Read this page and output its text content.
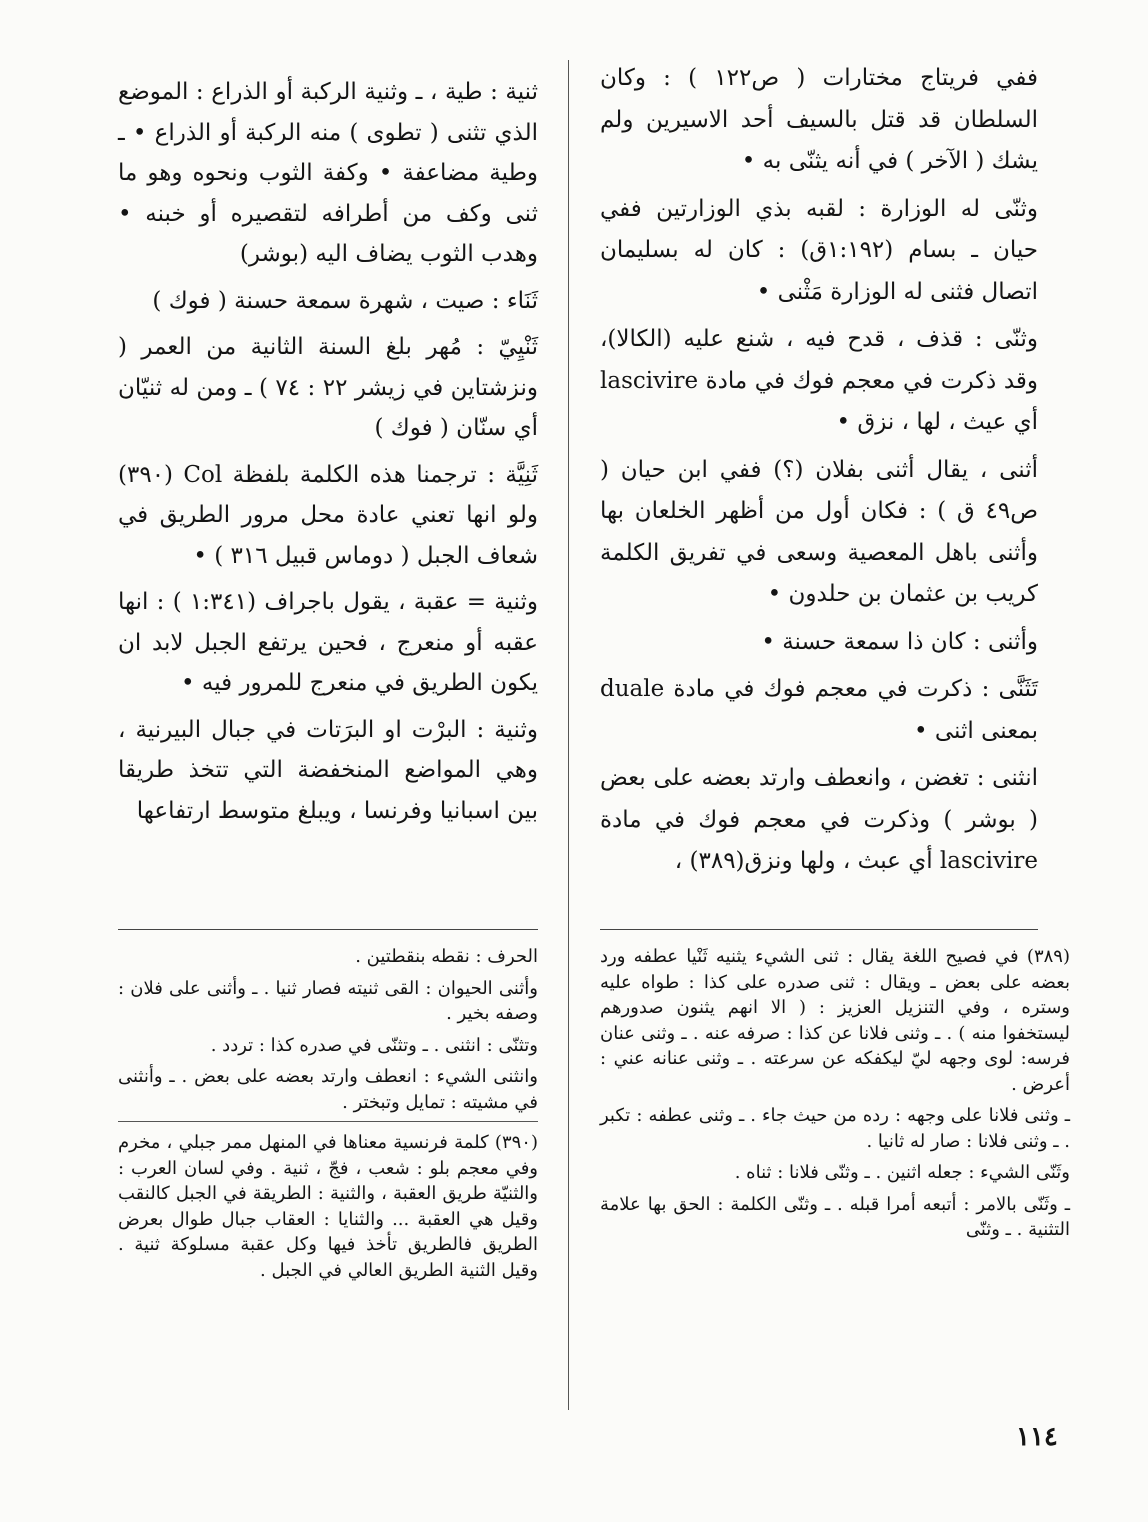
ففي فريتاج مختارات ( ص١٢٢ ) : وكان السلطان قد قتل بالسيف أحد الاسيرين ولم يشك ( الآخر ) في أنه يثنّى به •

وثنّى له الوزارة : لقبه بذي الوزارتين ففي حيان ـ بسام (١:١٩٢ق) : كان له بسليمان اتصال فثنى له الوزارة مَثْنى •

وثنّى : قذف ، قدح فيه ، شنع عليه (الكالا)، وقد ذكرت في معجم فوك في مادة lascivire أي عيث ، لها ، نزق •

أثنى ، يقال أثنى بفلان (؟) ففي ابن حيان ( ص٤٩ ق ) : فكان أول من أظهر الخلعان بها وأثنى باهل المعصية وسعى في تفريق الكلمة كريب بن عثمان بن حلدون •

وأثنى : كان ذا سمعة حسنة •

تَثَنَّى : ذكرت في معجم فوك في مادة duale بمعنى اثنى •

انثنى : تغضن ، وانعطف وارتد بعضه على بعض ( بوشر ) وذكرت في معجم فوك في مادة lascivire أي عبث ، ولها ونزق(٣٨٩) ،

ثنية : طية ، ـ وثنية الركبة أو الذراع : الموضع الذي تثنى ( تطوى ) منه الركبة أو الذراع • ـ وطية مضاعفة • وكفة الثوب ونحوه وهو ما ثنى وكف من أطرافه لتقصيره أو خبنه • وهدب الثوب يضاف اليه (بوشر)

ثَنَاء : صيت ، شهرة سمعة حسنة ( فوك )

ثَنْيِيّ : مُهر بلغ السنة الثانية من العمر ( ونزشتاين في زيشر ٢٢ : ٧٤ ) ـ ومن له ثنيّان أي سنّان ( فوك )

ثَنِيَّة : ترجمنا هذه الكلمة بلفظة Col (٣٩٠) ولو انها تعني عادة محل مرور الطريق في شعاف الجبل ( دوماس قبيل ٣١٦ ) •

وثنية = عقبة ، يقول باجراف (١:٣٤١ ) : انها عقبه أو منعرج ، فحين يرتفع الجبل لابد ان يكون الطريق في منعرج للمرور فيه •

وثنية : البرْت او البرَتات في جبال البيرنية ، وهي المواضع المنخفضة التي تتخذ طريقا بين اسبانيا وفرنسا ، ويبلغ متوسط ارتفاعها

(٣٨٩) في فصيح اللغة يقال : ثنى الشيء يثنيه ثَنْيا عطفه ورد بعضه على بعض ـ ويقال : ثنى صدره على كذا : طواه عليه وستره ، وفي التنزيل العزيز : ( الا انهم يثنون صدورهم ليستخفوا منه ) . ـ وثنى فلانا عن كذا : صرفه عنه . ـ وثنى عنان فرسه: لوى وجهه ليّ ليكفكه عن سرعته . ـ وثنى عنانه عني : أعرض .

ـ وثنى فلانا على وجهه : رده من حيث جاء . ـ وثنى عطفه : تكبر . ـ وثنى فلانا : صار له ثانيا .

وثَنّى الشيء : جعله اثنين . ـ وثنّى فلانا : ثناه .

ـ وثَنّى بالامر : أتبعه أمرا قبله . ـ وثنّى الكلمة : الحق بها علامة التثنية . ـ وثنّى

الحرف : نقطه بنقطتين .

وأثنى الحيوان : القى ثنيته فصار ثنيا . ـ وأثنى على فلان : وصفه بخير .

وتثنّى : انثنى . ـ وتثنّى في صدره كذا : تردد .

وانثنى الشيء : انعطف وارتد بعضه على بعض . ـ وأنثنى في مشيته : تمايل وتبختر .

(٣٩٠) كلمة فرنسية معناها في المنهل ممر جبلي ، مخرم وفي معجم بلو : شعب ، فجّ ، ثنية . وفي لسان العرب : والثنيّة طريق العقبة ، والثنية : الطريقة في الجبل كالنقب وقيل هي العقبة ... والثنايا : العقاب جبال طوال بعرض الطريق فالطريق تأخذ فيها وكل عقبة مسلوكة ثنية . وقيل الثنية الطريق العالي في الجبل .

١١٤
